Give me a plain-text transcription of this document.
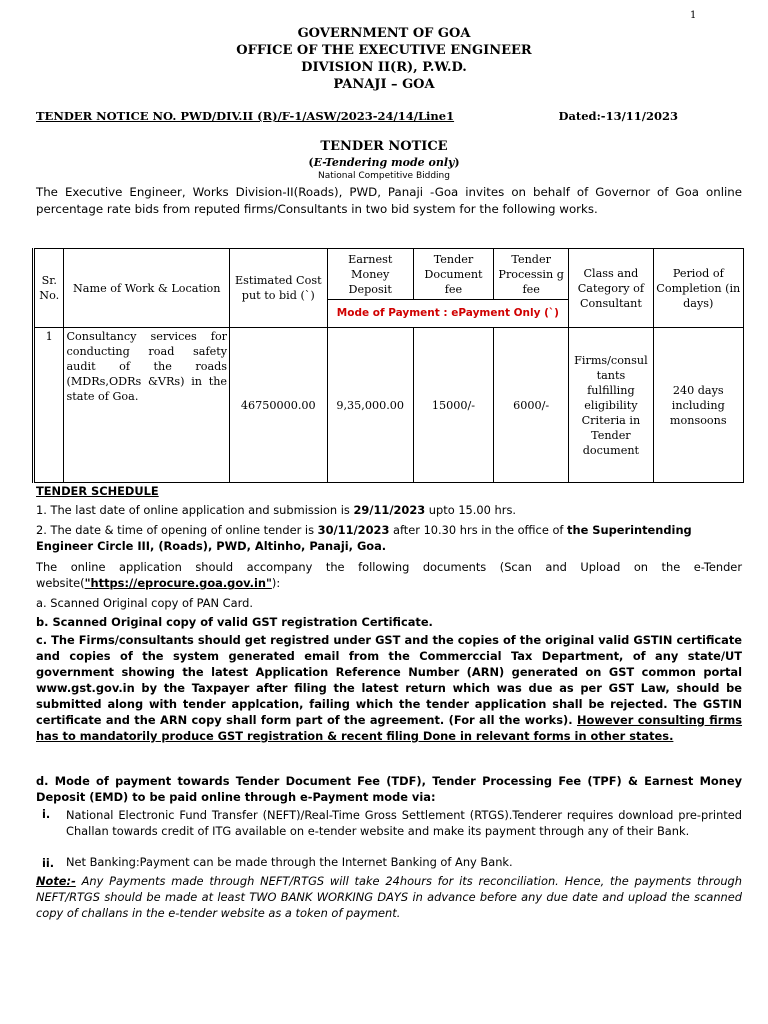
1
GOVERNMENT OF GOA
OFFICE OF THE EXECUTIVE ENGINEER
DIVISION II(R), P.W.D.
PANAJI – GOA
TENDER NOTICE NO. PWD/DIV.II (R)/F-1/ASW/2023-24/14/Line1	Dated:-13/11/2023
TENDER NOTICE
(E-Tendering mode only)
National Competitive Bidding
The Executive Engineer, Works Division-II(Roads), PWD, Panaji -Goa invites on behalf of Governor of Goa online percentage rate bids from reputed firms/Consultants in two bid system for the following works.
Sr. No.	Name of Work & Location	Estimated Cost put to bid (`)	Earnest Money Deposit	Tender Document fee	Tender Processin g fee	Class and Category of Consultant	Period of Completion (in days)
			Mode of Payment : ePayment Only (`)				
1	Consultancy services for conducting road safety audit of the roads (MDRs,ODRs &VRs) in the state of Goa.	46750000.00	9,35,000.00	15000/-	6000/-	Firms/consul tants fulfilling eligibility Criteria in Tender document	240 days including monsoons
TENDER SCHEDULE
1. The last date of online application and submission is 29/11/2023 upto 15.00 hrs.
2. The date & time of opening of online tender is 30/11/2023 after 10.30 hrs in the office of the Superintending Engineer Circle III, (Roads), PWD, Altinho, Panaji, Goa.
The online application should accompany the following documents (Scan and Upload on the e-Tender website("https://eprocure.goa.gov.in"):
a. Scanned Original copy of PAN Card.
b. Scanned Original copy of valid GST registration Certificate.
c. The Firms/consultants should get registred under GST and the copies of the original valid GSTIN certificate and copies of the system generated email from the Commerccial Tax Department, of any state/UT government showing the latest Application Reference Number (ARN) generated on GST common portal www.gst.gov.in by the Taxpayer after filing the latest return which was due as per GST Law, should be submitted along with tender applcation, failing which the tender application shall be rejected. The GSTIN certificate and the ARN copy shall form part of the agreement. (For all the works). However consulting firms has to mandatorily produce GST registration & recent filing Done in relevant forms in other states.
d. Mode of payment towards Tender Document Fee (TDF), Tender Processing Fee (TPF) & Earnest Money Deposit (EMD) to be paid online through e-Payment mode via:
i. National Electronic Fund Transfer (NEFT)/Real-Time Gross Settlement (RTGS).Tenderer requires download pre-printed Challan towards credit of ITG available on e-tender website and make its payment through any of their Bank.
ii. Net Banking:Payment can be made through the Internet Banking of Any Bank.
Note:- Any Payments made through NEFT/RTGS will take 24hours for its reconciliation. Hence, the payments through NEFT/RTGS should be made at least TWO BANK WORKING DAYS in advance before any due date and upload the scanned copy of challans in the e-tender website as a token of payment.
